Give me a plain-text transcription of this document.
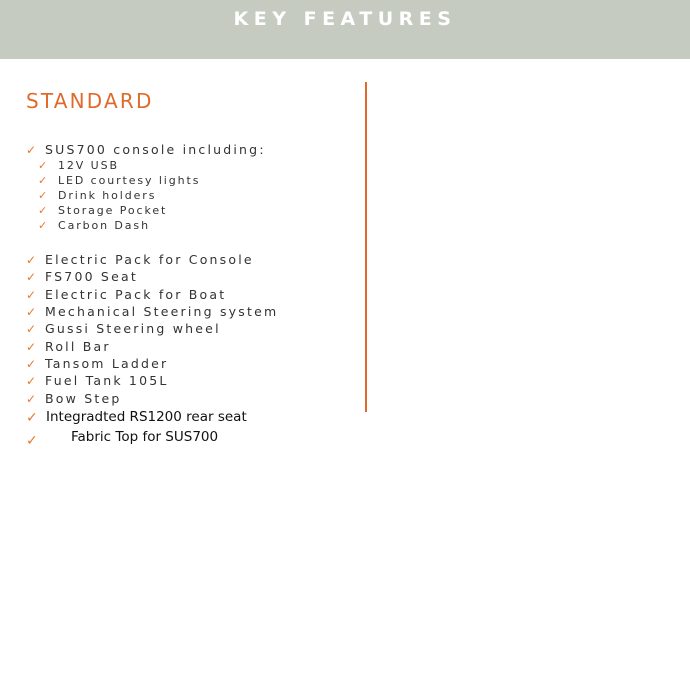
KEY FEATURES
STANDARD
✓ SUS700 console including:
✓ 12V USB
✓ LED courtesy lights
✓ Drink holders
✓ Storage Pocket
✓ Carbon Dash
✓ Electric Pack for Console
✓ FS700 Seat
✓ Electric Pack for Boat
✓ Mechanical Steering system
✓ Gussi Steering wheel
✓ Roll Bar
✓ Tansom Ladder
✓ Fuel Tank 105L
✓ Bow Step
✓ Integradted RS1200 rear seat
✓ Fabric Top for SUS700
